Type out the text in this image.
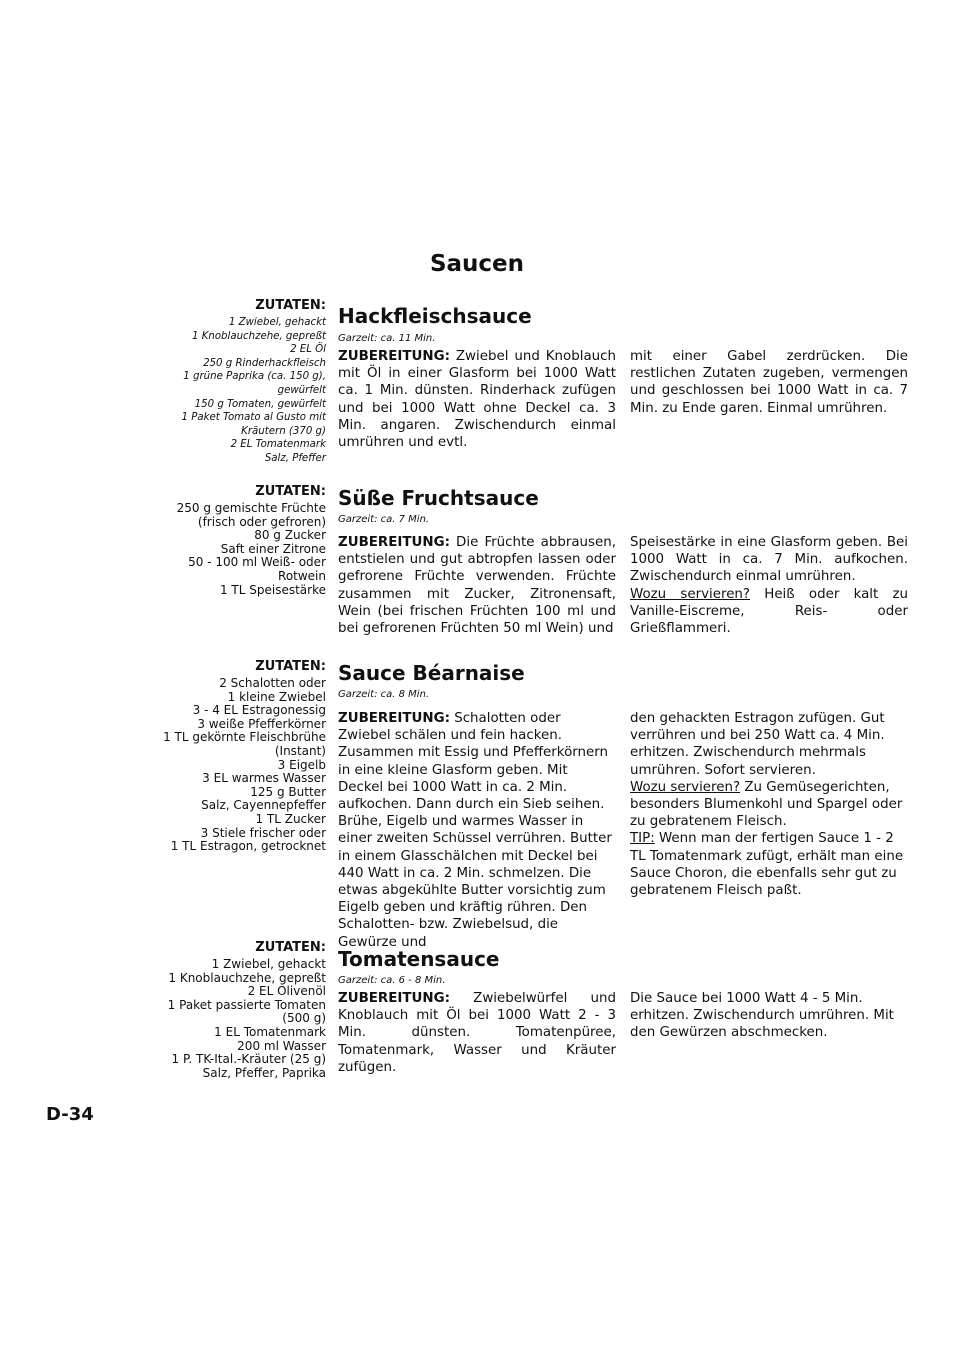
Saucen
ZUTATEN:
1 Zwiebel, gehackt
1 Knoblauchzehe, gepreßt
2 EL Öl
250 g Rinderhackfleisch
1 grüne Paprika (ca. 150 g),
gewürfelt
150 g Tomaten, gewürfelt
1 Paket Tomato al Gusto mit
Kräutern (370 g)
2 EL Tomatenmark
Salz, Pfeffer
Hackfleischsauce
Garzeit: ca. 11 Min.
ZUBEREITUNG: Zwiebel und Knoblauch mit Öl in einer Glasform bei 1000 Watt ca. 1 Min. dünsten. Rinderhack zufügen und bei 1000 Watt ohne Deckel ca. 3 Min. angaren. Zwischendurch einmal umrühren und evtl.
mit einer Gabel zerdrücken. Die restlichen Zutaten zugeben, vermengen und geschlossen bei 1000 Watt in ca. 7 Min. zu Ende garen. Einmal umrühren.
ZUTATEN:
250 g gemischte Früchte
(frisch oder gefroren)
80 g Zucker
Saft einer Zitrone
50 - 100 ml Weiß- oder
Rotwein
1 TL Speisestärke
Süße Fruchtsauce
Garzeit: ca. 7 Min.
ZUBEREITUNG: Die Früchte abbrausen, entstielen und gut abtropfen lassen oder gefrorene Früchte verwenden. Früchte zusammen mit Zucker, Zitronensaft, Wein (bei frischen Früchten 100 ml und bei gefrorenen Früchten 50 ml Wein) und
Speisestärke in eine Glasform geben. Bei 1000 Watt in ca. 7 Min. aufkochen. Zwischendurch einmal umrühren.
Wozu servieren? Heiß oder kalt zu Vanille-Eiscreme, Reis- oder Grießflammeri.
ZUTATEN:
2 Schalotten oder
1 kleine Zwiebel
3 - 4 EL Estragonessig
3 weiße Pfefferkörner
1 TL gekörnte Fleischbrühe
(Instant)
3 Eigelb
3 EL warmes Wasser
125 g Butter
Salz, Cayennepfeffer
1 TL Zucker
3 Stiele frischer oder
1 TL Estragon, getrocknet
Sauce Béarnaise
Garzeit: ca. 8 Min.
ZUBEREITUNG: Schalotten oder Zwiebel schälen und fein hacken. Zusammen mit Essig und Pfefferkörnern in eine kleine Glasform geben. Mit Deckel bei 1000 Watt in ca. 2 Min. aufkochen. Dann durch ein Sieb seihen. Brühe, Eigelb und warmes Wasser in einer zweiten Schüssel verrühren. Butter in einem Glasschälchen mit Deckel bei 440 Watt in ca. 2 Min. schmelzen. Die etwas abgekühlte Butter vorsichtig zum Eigelb geben und kräftig rühren. Den Schalotten- bzw. Zwiebelsud, die Gewürze und
den gehackten Estragon zufügen. Gut verrühren und bei 250 Watt ca. 4 Min. erhitzen. Zwischendurch mehrmals umrühren. Sofort servieren.
Wozu servieren? Zu Gemüsegerichten, besonders Blumenkohl und Spargel oder zu gebratenem Fleisch.
TIP: Wenn man der fertigen Sauce 1 - 2 TL Tomatenmark zufügt, erhält man eine Sauce Choron, die ebenfalls sehr gut zu gebratenem Fleisch paßt.
ZUTATEN:
1 Zwiebel, gehackt
1 Knoblauchzehe, gepreßt
2 EL Olivenöl
1 Paket passierte Tomaten
(500 g)
1 EL Tomatenmark
200 ml Wasser
1 P. TK-Ital.-Kräuter (25 g)
Salz, Pfeffer, Paprika
Tomatensauce
Garzeit: ca. 6 - 8 Min.
ZUBEREITUNG: Zwiebelwürfel und Knoblauch mit Öl bei 1000 Watt 2 - 3 Min. dünsten. Tomatenpüree, Tomatenmark, Wasser und Kräuter zufügen.
Die Sauce bei 1000 Watt 4 - 5 Min. erhitzen. Zwischendurch umrühren. Mit den Gewürzen abschmecken.
D-34
